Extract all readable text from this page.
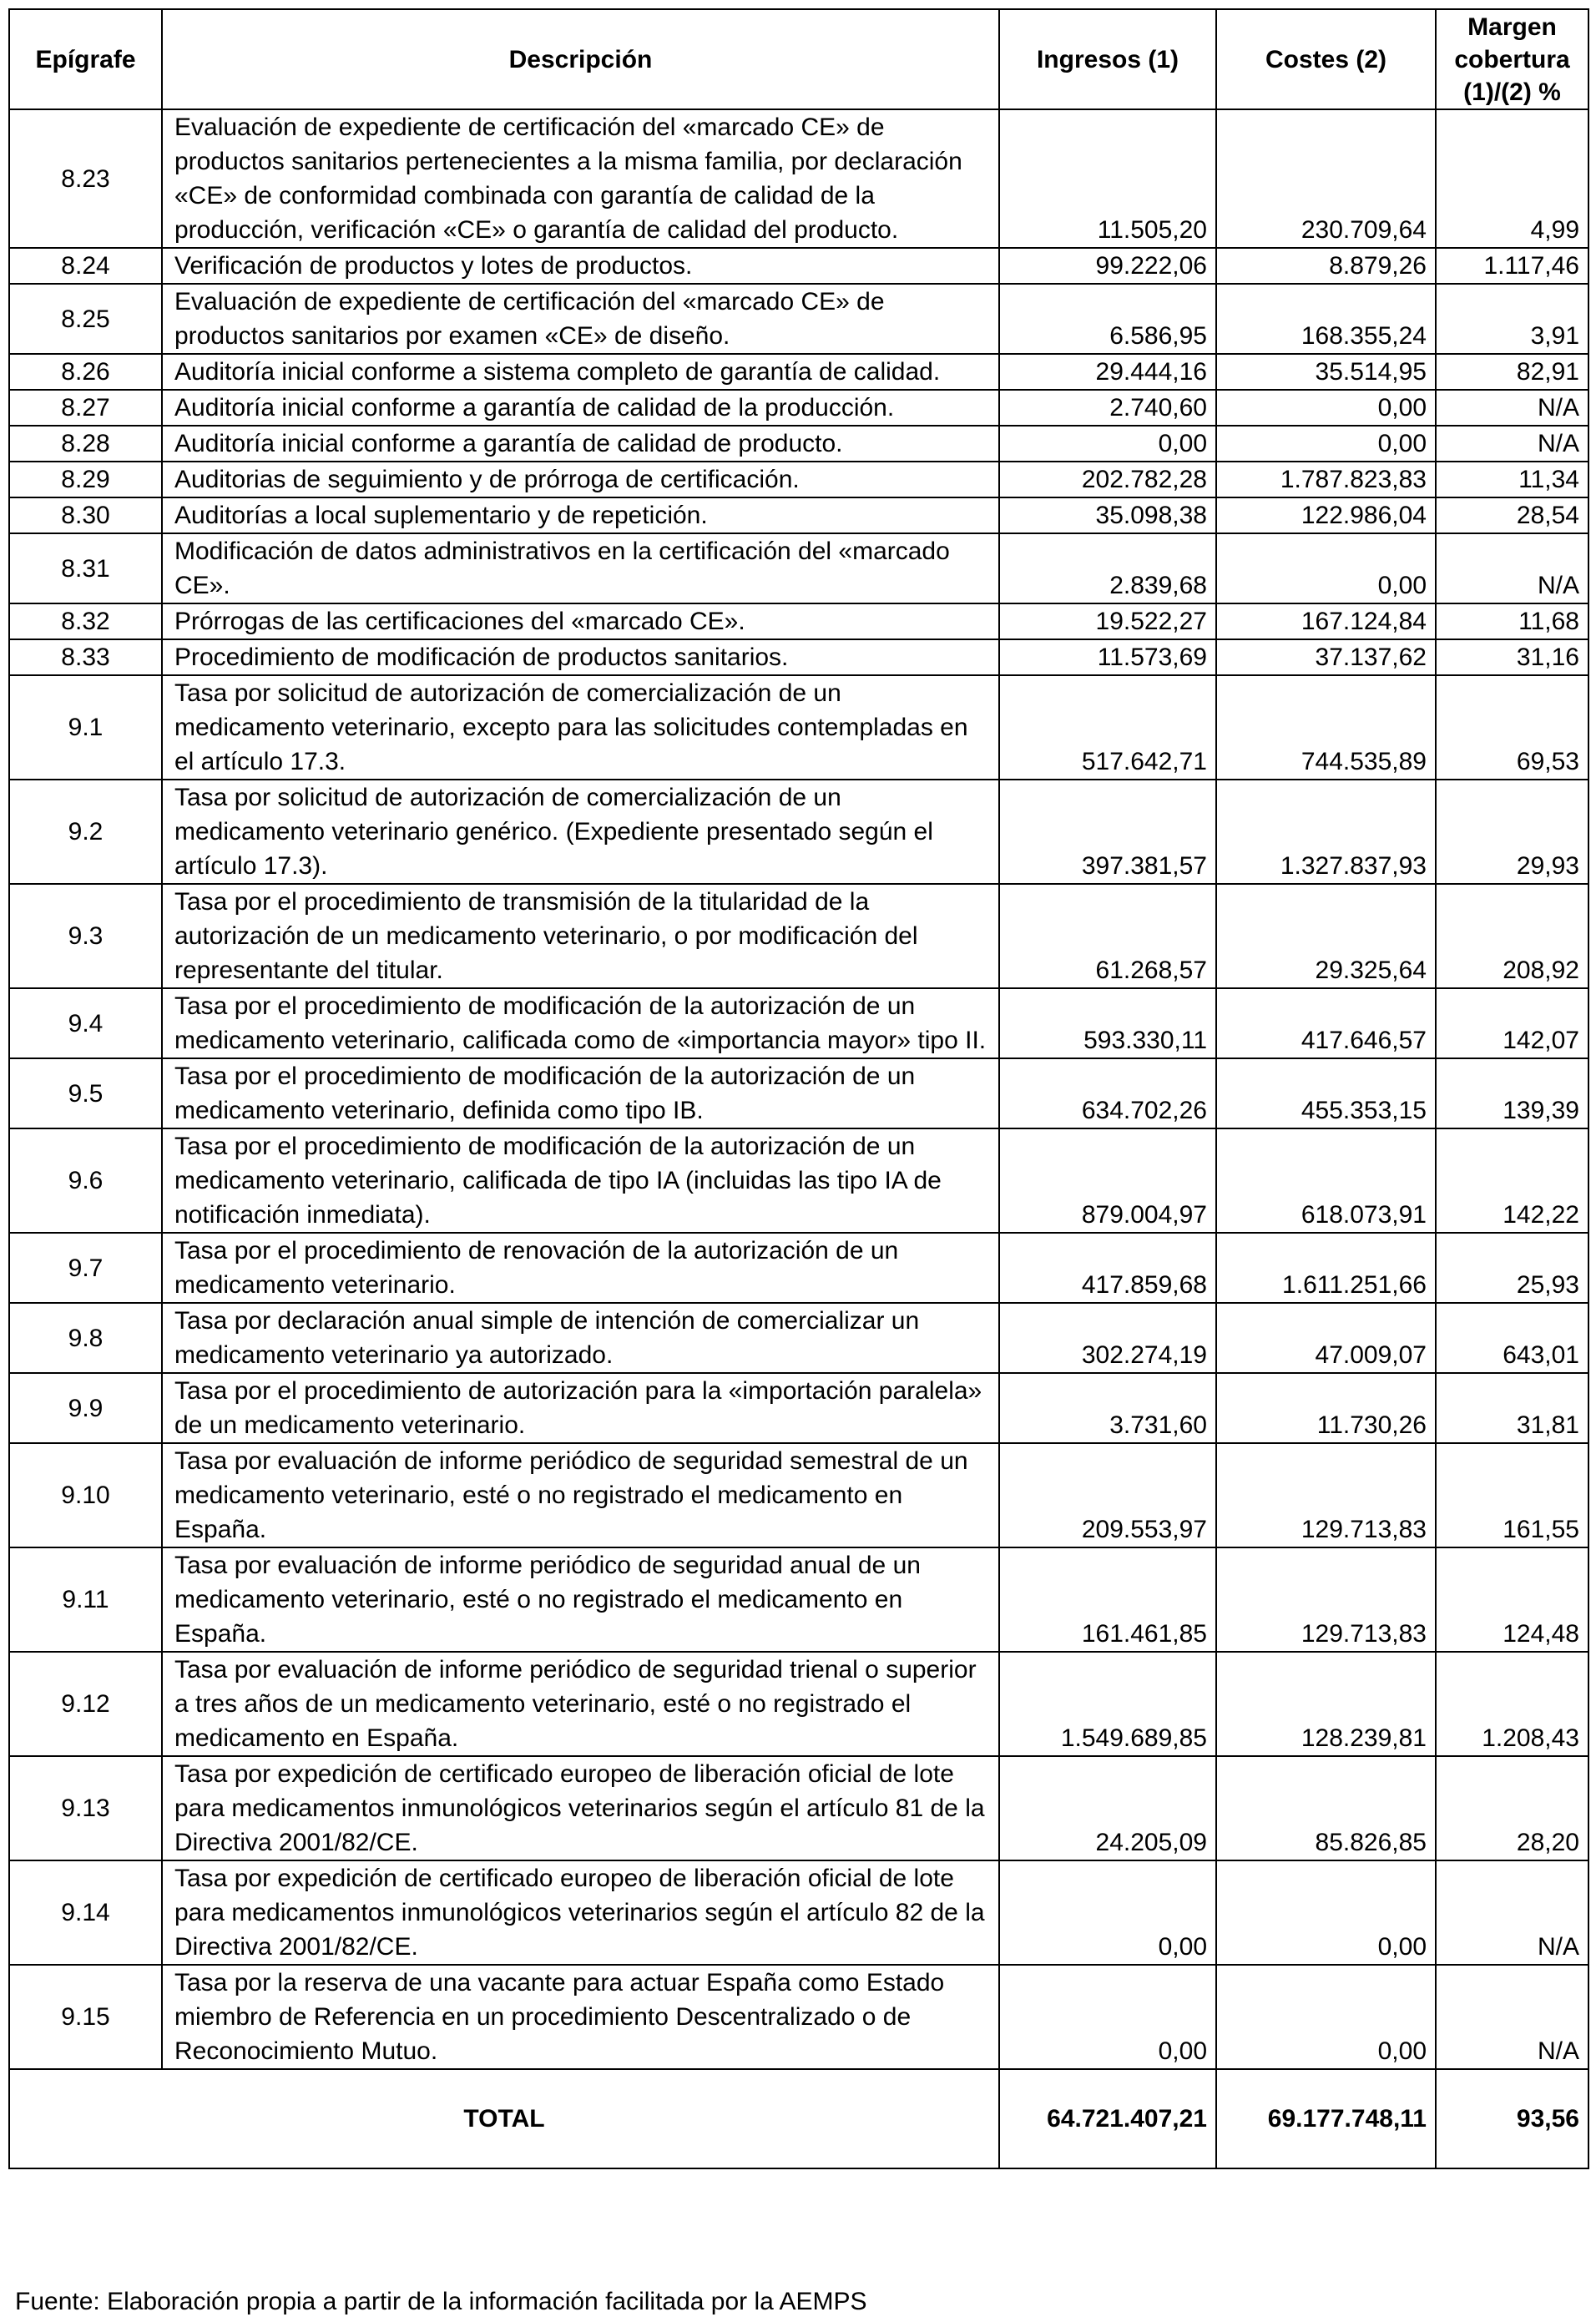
Epígrafe	Descripción	Ingresos (1)	Costes (2)	Margen cobertura (1)/(2) %
8.23	Evaluación de expediente de certificación del «marcado CE» de productos sanitarios pertenecientes a la misma familia, por declaración «CE» de conformidad combinada con garantía de calidad de la producción, verificación «CE» o garantía de calidad del producto.	11.505,20	230.709,64	4,99
8.24	Verificación de productos y lotes de productos.	99.222,06	8.879,26	1.117,46
8.25	Evaluación de expediente de certificación del «marcado CE» de productos sanitarios por examen «CE» de diseño.	6.586,95	168.355,24	3,91
8.26	Auditoría inicial conforme a sistema completo de garantía de calidad.	29.444,16	35.514,95	82,91
8.27	Auditoría inicial conforme a garantía de calidad de la producción.	2.740,60	0,00	N/A
8.28	Auditoría inicial conforme a garantía de calidad de producto.	0,00	0,00	N/A
8.29	Auditorias de seguimiento y de prórroga de certificación.	202.782,28	1.787.823,83	11,34
8.30	Auditorías a local suplementario y de repetición.	35.098,38	122.986,04	28,54
8.31	Modificación de datos administrativos en la certificación del «marcado CE».	2.839,68	0,00	N/A
8.32	Prórrogas de las certificaciones del «marcado CE».	19.522,27	167.124,84	11,68
8.33	Procedimiento de modificación de productos sanitarios.	11.573,69	37.137,62	31,16
9.1	Tasa por solicitud de autorización de comercialización de un medicamento veterinario, excepto para las solicitudes contempladas en el artículo 17.3.	517.642,71	744.535,89	69,53
9.2	Tasa por solicitud de autorización de comercialización de un medicamento veterinario genérico. (Expediente presentado según el artículo 17.3).	397.381,57	1.327.837,93	29,93
9.3	Tasa por el procedimiento de transmisión de la titularidad de la autorización de un medicamento veterinario, o por modificación del representante del titular.	61.268,57	29.325,64	208,92
9.4	Tasa por el procedimiento de modificación de la autorización de un medicamento veterinario, calificada como de «importancia mayor» tipo II.	593.330,11	417.646,57	142,07
9.5	Tasa por el procedimiento de modificación de la autorización de un medicamento veterinario, definida como tipo IB.	634.702,26	455.353,15	139,39
9.6	Tasa por el procedimiento de modificación de la autorización de un medicamento veterinario, calificada de tipo IA (incluidas las tipo IA de notificación inmediata).	879.004,97	618.073,91	142,22
9.7	Tasa por el procedimiento de renovación de la autorización de un medicamento veterinario.	417.859,68	1.611.251,66	25,93
9.8	Tasa por declaración anual simple de intención de comercializar un medicamento veterinario ya autorizado.	302.274,19	47.009,07	643,01
9.9	Tasa por el procedimiento de autorización para la «importación paralela» de un medicamento veterinario.	3.731,60	11.730,26	31,81
9.10	Tasa por evaluación de informe periódico de seguridad semestral de un medicamento veterinario, esté o no registrado el medicamento en España.	209.553,97	129.713,83	161,55
9.11	Tasa por evaluación de informe periódico de seguridad anual de un medicamento veterinario, esté o no registrado el medicamento en España.	161.461,85	129.713,83	124,48
9.12	Tasa por evaluación de informe periódico de seguridad trienal o superior a tres años de un medicamento veterinario, esté o no registrado el medicamento en España.	1.549.689,85	128.239,81	1.208,43
9.13	Tasa por expedición de certificado europeo de liberación oficial de lote para medicamentos inmunológicos veterinarios según el artículo 81 de la Directiva 2001/82/CE.	24.205,09	85.826,85	28,20
9.14	Tasa por expedición de certificado europeo de liberación oficial de lote para medicamentos inmunológicos veterinarios según el artículo 82 de la Directiva 2001/82/CE.	0,00	0,00	N/A
9.15	Tasa por la reserva de una vacante para actuar España como Estado miembro de Referencia en un procedimiento Descentralizado o de Reconocimiento Mutuo.	0,00	0,00	N/A
TOTAL		64.721.407,21	69.177.748,11	93,56
Fuente: Elaboración propia a partir de la información facilitada por la AEMPS
